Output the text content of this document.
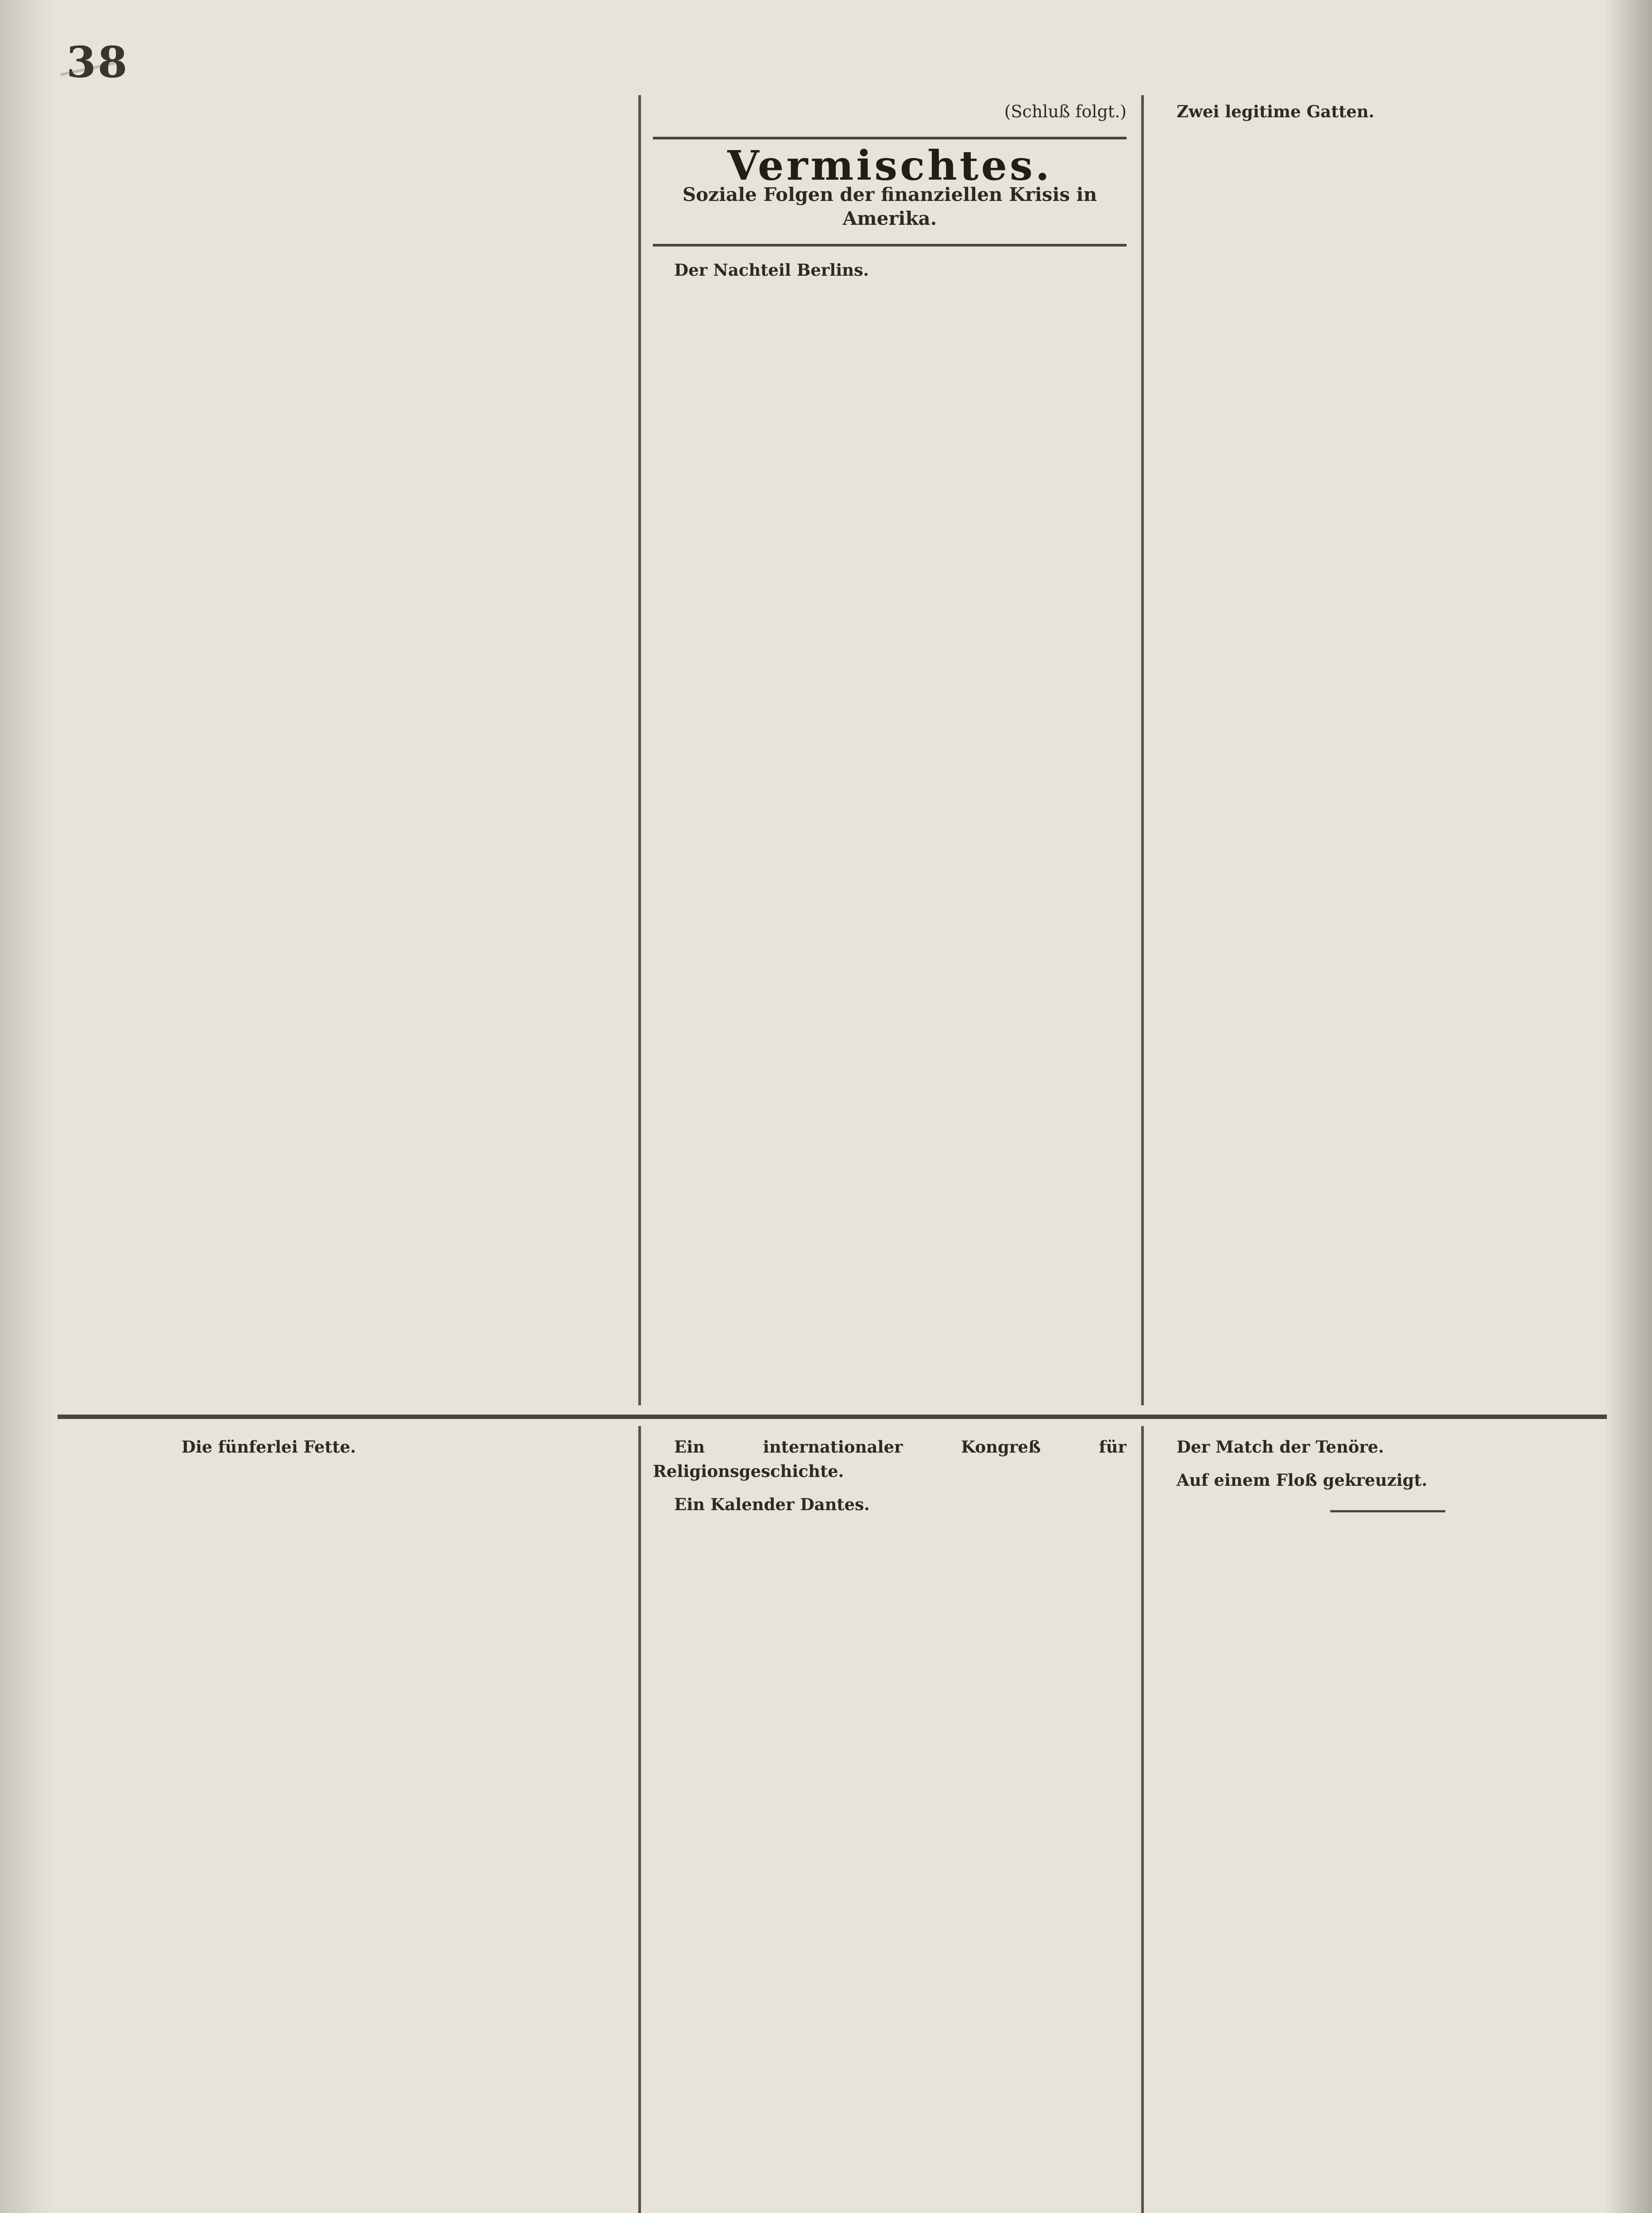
38

(Schluß folgt.)
Vermischtes.
Soziale Folgen der finanziellen Krisis in Amerika.

Der Nachteil Berlins.

Zwei legitime Gatten.

Die fünferlei Fette.	Ein internationaler Kongreß für Religionsgeschichte.

Ein Kalender Dantes.

Der Match der Tenöre.

Auf einem Floß gekreuzigt.
